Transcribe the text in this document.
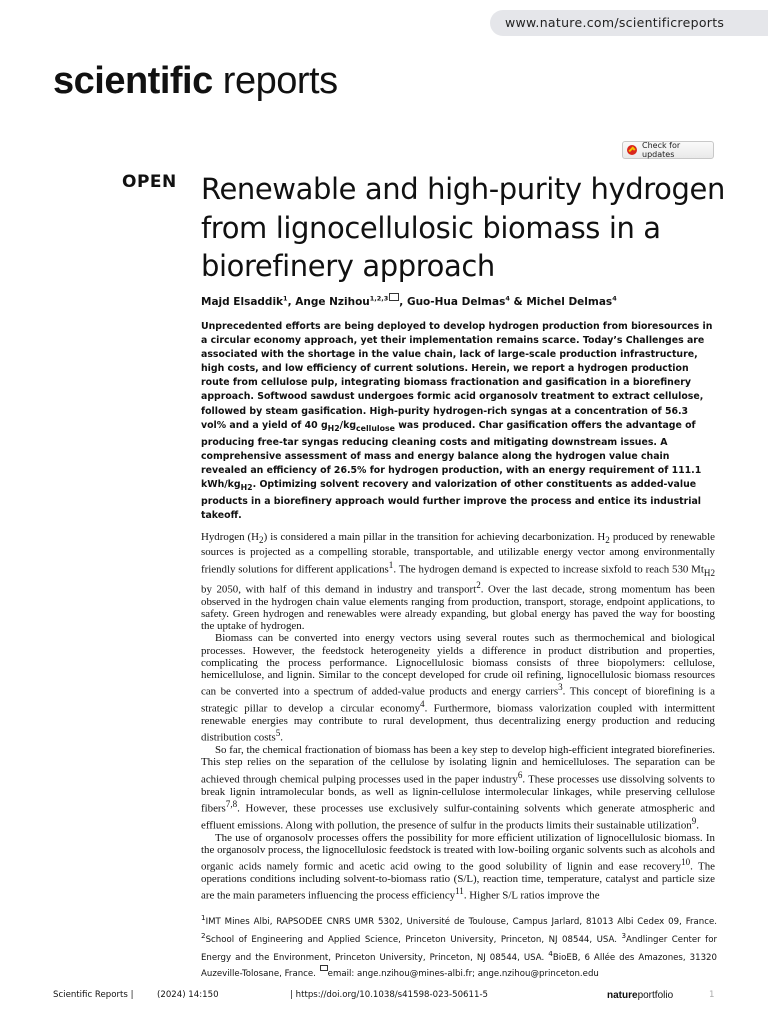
www.nature.com/scientificreports
scientific reports
Check for updates
OPEN Renewable and high-purity hydrogen from lignocellulosic biomass in a biorefinery approach
Majd Elsaddik$^1$, Ange Nzihou$^{1,2,3}$ , Guo-Hua Delmas$^4$ & Michel Delmas$^4$

Unprecedented efforts are being deployed to develop hydrogen production from bioresources in a circular economy approach, yet their implementation remains scarce. Today’s Challenges are associated with the shortage in the value chain, lack of large-scale production infrastructure, high costs, and low efficiency of current solutions. Herein, we report a hydrogen production route from cellulose pulp, integrating biomass fractionation and gasification in a biorefinery approach. Softwood sawdust undergoes formic acid organosolv treatment to extract cellulose, followed by steam gasification. High-purity hydrogen-rich syngas at a concentration of 56.3 vol% and a yield of 40 $g_{H2}/kg_{cellulose}$ was produced. Char gasification offers the advantage of producing free-tar syngas reducing cleaning costs and mitigating downstream issues. A comprehensive assessment of mass and energy balance along the hydrogen value chain revealed an efficiency of 26.5% for hydrogen production, with an energy requirement of 111.1 kWh/$kg_{H2}$. Optimizing solvent recovery and valorization of other constituents as added-value products in a biorefinery approach would further improve the process and entice its industrial takeoff.

Hydrogen $(H_2)$ is considered a main pillar in the transition for achieving decarbonization. $H_2$ produced by renewable sources is projected as a compelling storable, transportable, and utilizable energy vector among environmentally friendly solutions for different applications$^1$. The hydrogen demand is expected to increase sixfold to reach 530 $Mt_{H2}$ by 2050, with half of this demand in industry and transport$^2$. Over the last decade, strong momentum has been observed in the hydrogen chain value elements ranging from production, transport, storage, endpoint applications, to safety. Green hydrogen and renewables were already expanding, but global energy has paved the way for boosting the uptake of hydrogen.

Biomass can be converted into energy vectors using several routes such as thermochemical and biological processes. However, the feedstock heterogeneity yields a difference in product distribution and properties, complicating the process performance. Lignocellulosic biomass consists of three biopolymers: cellulose, hemicellulose, and lignin. Similar to the concept developed for crude oil refining, lignocellulosic biomass resources can be converted into a spectrum of added-value products and energy carriers$^3$. This concept of biorefining is a strategic pillar to develop a circular economy$^4$. Furthermore, biomass valorization coupled with intermittent renewable energies may contribute to rural development, thus decentralizing energy production and reducing distribution costs$^5$.

So far, the chemical fractionation of biomass has been a key step to develop high-efficient integrated biorefineries. This step relies on the separation of the cellulose by isolating lignin and hemicelluloses. The separation can be achieved through chemical pulping processes used in the paper industry$^6$. These processes use dissolving solvents to break lignin intramolecular bonds, as well as lignin-cellulose intermolecular linkages, while preserving cellulose fibers$^{7,8}$. However, these processes use exclusively sulfur-containing solvents which generate atmospheric and effluent emissions. Along with pollution, the presence of sulfur in the products limits their sustainable utilization$^9$.

The use of organosolv processes offers the possibility for more efficient utilization of lignocellulosic biomass. In the organosolv process, the lignocellulosic feedstock is treated with low-boiling organic solvents such as alcohols and organic acids namely formic and acetic acid owing to the good solubility of lignin and ease recovery$^{10}$. The operations conditions including solvent-to-biomass ratio (S/L), reaction time, temperature, catalyst and particle size are the main parameters influencing the process efficiency$^{11}$. Higher S/L ratios improve the

$^1$IMT Mines Albi, RAPSODEE CNRS UMR 5302, Université de Toulouse, Campus Jarlard, 81013 Albi Cedex 09, France. $^2$School of Engineering and Applied Science, Princeton University, Princeton, NJ 08544, USA. $^3$Andlinger Center for Energy and the Environment, Princeton University, Princeton, NJ 08544, USA. $^4$BioEB, 6 Allée des Amazones, 31320 Auzeville-Tolosane, France. email: ange.nzihou@mines-albi.fr; ange.nzihou@princeton.edu
Scientific Reports |	(2024) 14:150	| https://doi.org/10.1038/s41598-023-50611-5	natureportfolio	1
